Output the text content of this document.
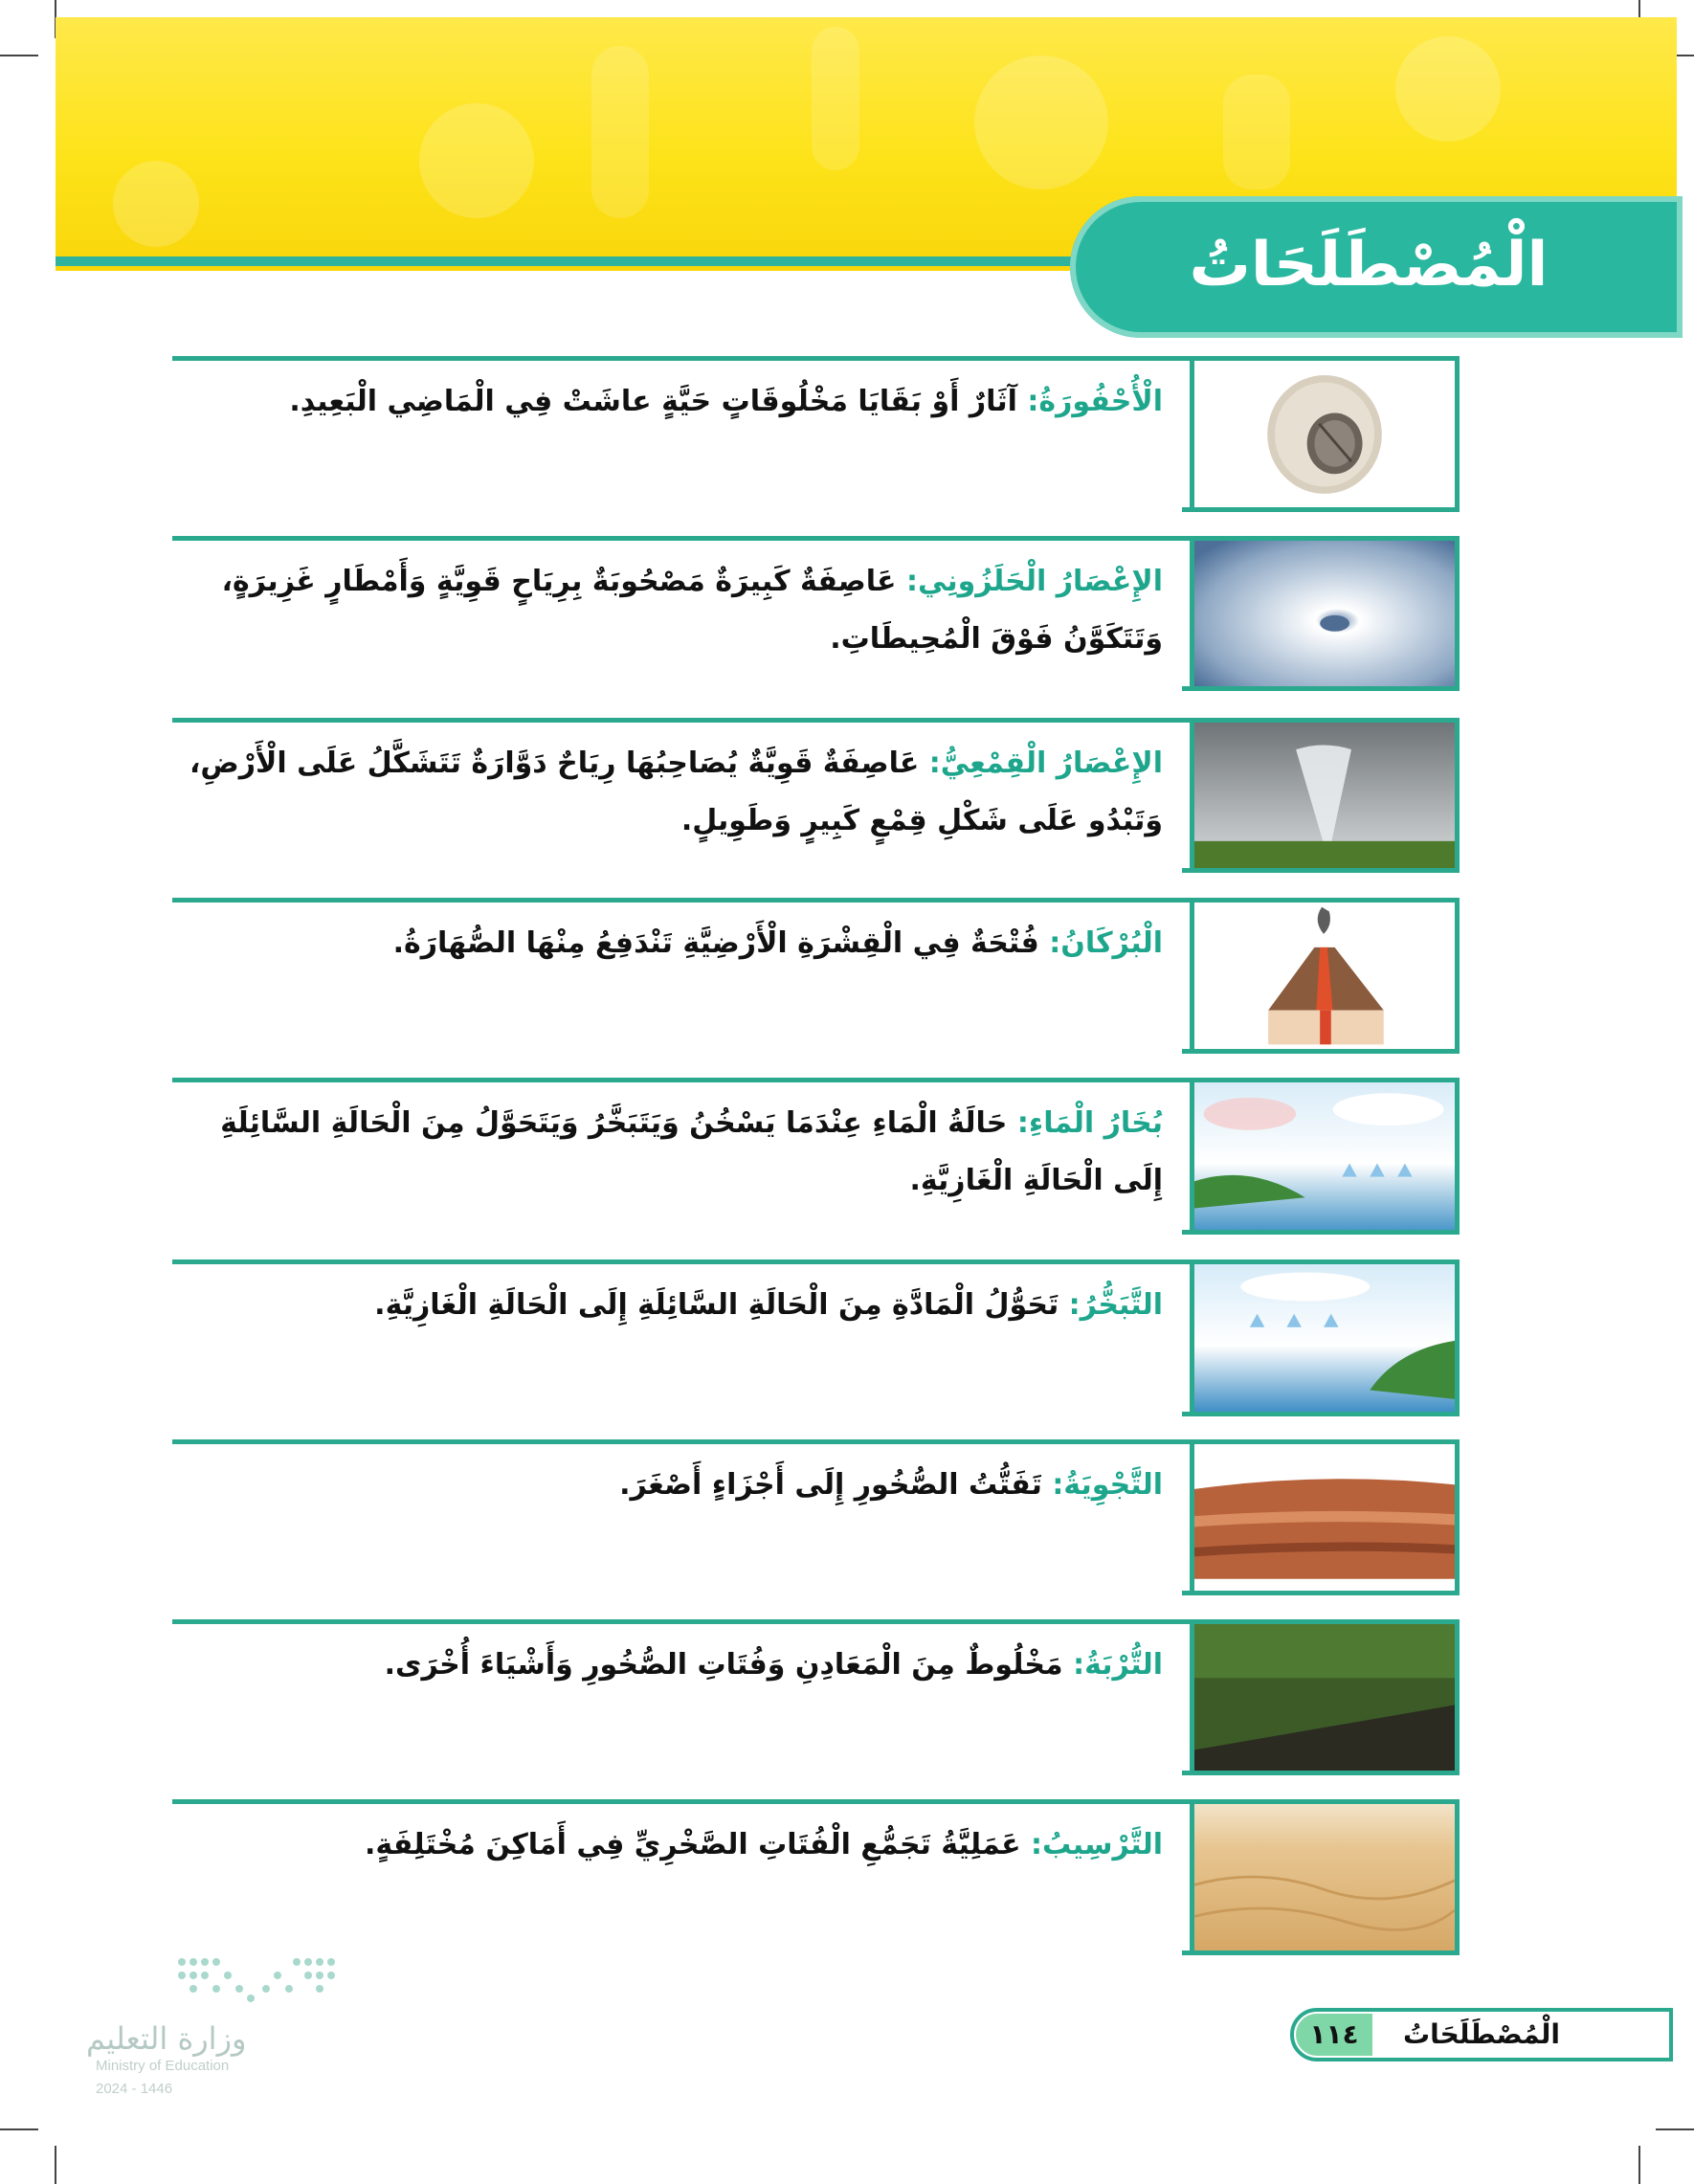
الْمُصْطَلَحَاتُ
الْأُحْفُورَةُ: آثَارٌ أَوْ بَقَايَا مَخْلُوقَاتٍ حَيَّةٍ عاشَتْ فِي الْمَاضِي الْبَعِيدِ.
الإِعْصَارُ الْحَلَزُونِي: عَاصِفَةٌ كَبِيرَةٌ مَصْحُوبَةٌ بِرِيَاحٍ قَوِيَّةٍ وَأَمْطَارٍ غَزِيرَةٍ، وَتَتَكَوَّنُ فَوْقَ الْمُحِيطَاتِ.
الإِعْصَارُ الْقِمْعِيُّ: عَاصِفَةٌ قَوِيَّةٌ يُصَاحِبُهَا رِيَاحٌ دَوَّارَةٌ تَتَشَكَّلُ عَلَى الْأَرْضِ، وَتَبْدُو عَلَى شَكْلِ قِمْعٍ كَبِيرٍ وَطَوِيلٍ.
الْبُرْكَانُ: فُتْحَةٌ فِي الْقِشْرَةِ الْأَرْضِيَّةِ تَنْدَفِعُ مِنْهَا الصُّهَارَةُ.
بُخَارُ الْمَاءِ: حَالَةُ الْمَاءِ عِنْدَمَا يَسْخُنُ وَيَتَبَخَّرُ وَيَتَحَوَّلُ مِنَ الْحَالَةِ السَّائِلَةِ إِلَى الْحَالَةِ الْغَازِيَّةِ.
التَّبَخُّرُ: تَحَوُّلُ الْمَادَّةِ مِنَ الْحَالَةِ السَّائِلَةِ إِلَى الْحَالَةِ الْغَازِيَّةِ.
التَّجْوِيَةُ: تَفَتُّتُ الصُّخُورِ إِلَى أَجْزَاءٍ أَصْغَرَ.
التُّرْبَةُ: مَخْلُوطٌ مِنَ الْمَعَادِنِ وَفُتَاتِ الصُّخُورِ وَأَشْيَاءَ أُخْرَى.
التَّرْسِيبُ: عَمَلِيَّةُ تَجَمُّعِ الْفُتَاتِ الصَّخْرِيِّ فِي أَمَاكِنَ مُخْتَلِفَةٍ.
وزارة التعليم
Ministry of Education
2024 - 1446
١١٤	الْمُصْطَلَحَاتُ
